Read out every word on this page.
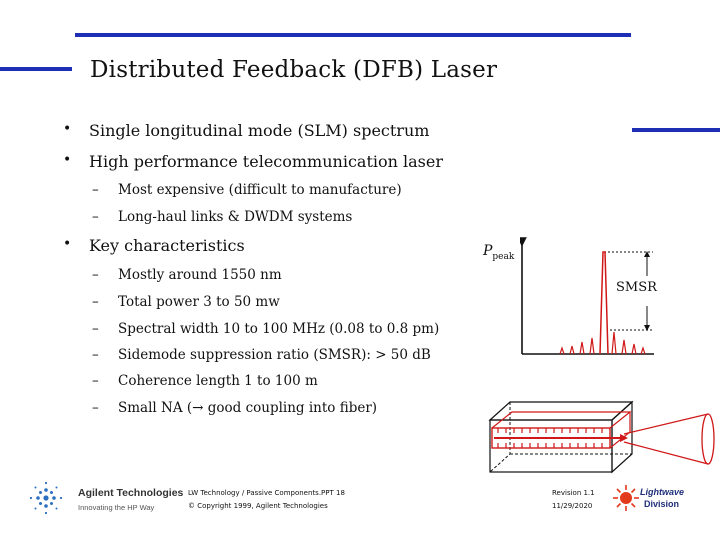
Distributed Feedback (DFB) Laser
• Single longitudinal mode (SLM) spectrum
• High performance telecommunication laser
– Most expensive (difficult to manufacture)
– Long-haul links & DWDM systems
• Key characteristics
– Mostly around 1550 nm
– Total power 3 to 50 mw
– Spectral width 10 to 100 MHz (0.08 to 0.8 pm)
– Sidemode suppression ratio (SMSR): > 50 dB
– Coherence length 1 to 100 m
– Small NA (→ good coupling into fiber)
$P_{peak}$
SMSR
Agilent Technologies
Innovating the HP Way
LW Technology / Passive Components.PPT 18
© Copyright 1999, Agilent Technologies
Revision 1.1
11/29/2020
Lightwave
Division
